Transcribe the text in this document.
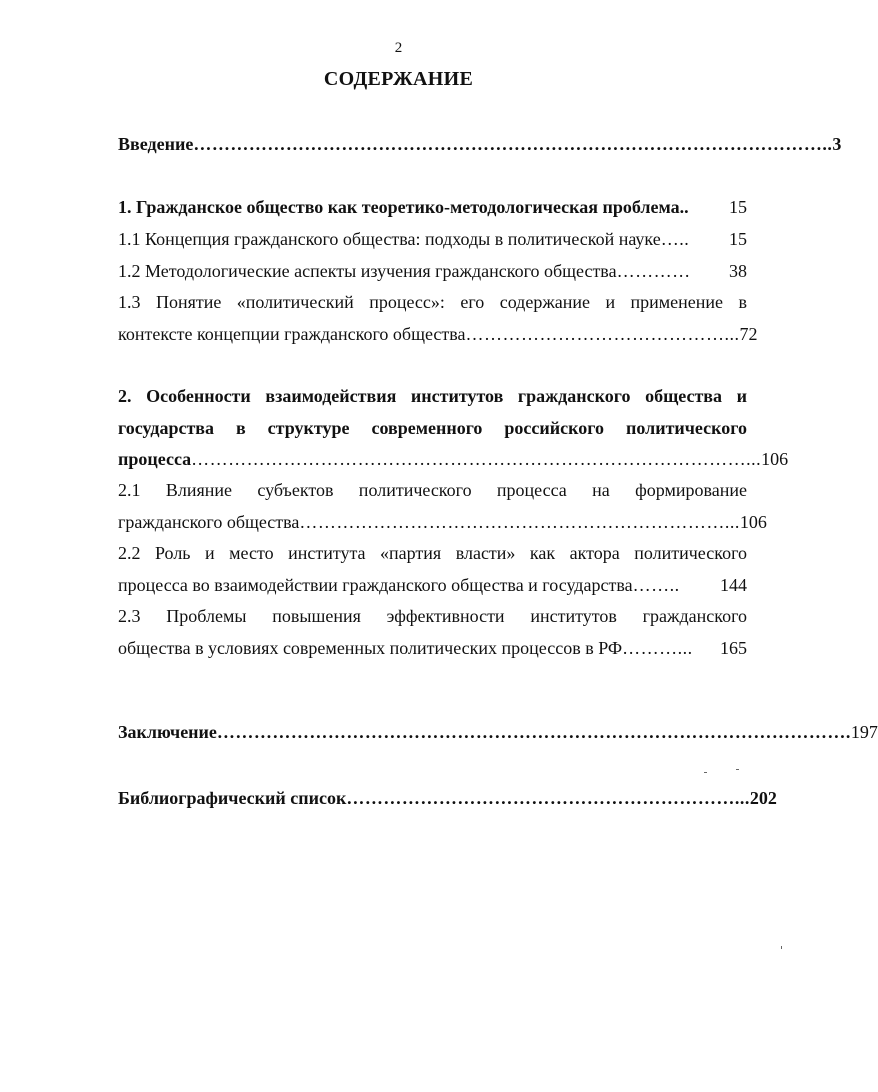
2
СОДЕРЖАНИЕ
Введение ………………………………………………………………………………………….. 3
1. Гражданское общество как теоретико-методологическая проблема.. 15
1.1 Концепция гражданского общества: подходы в политической науке …..	15
1.2 Методологические аспекты изучения гражданского общества …………	38
1.3 Понятие «политический процесс»: его содержание и применение в
контексте концепции гражданского общества ……………………………………... 72
2. Особенности взаимодействия институтов гражданского общества и
государства в структуре современного российского политического
процесса ………………………………………………………………………………... 106
2.1 Влияние субъектов политического процесса на формирование
гражданского общества ……………………………………………………………... 106
2.2 Роль и место института «партия власти» как актора политического
процесса во взаимодействии гражданского общества и государства ……..	144
2.3 Проблемы повышения эффективности институтов гражданского
общества в условиях современных политических процессов в РФ ………...	165
Заключение …………………………………………………………………………………………. 197
Библиографический список ………………………………………………………... 202
